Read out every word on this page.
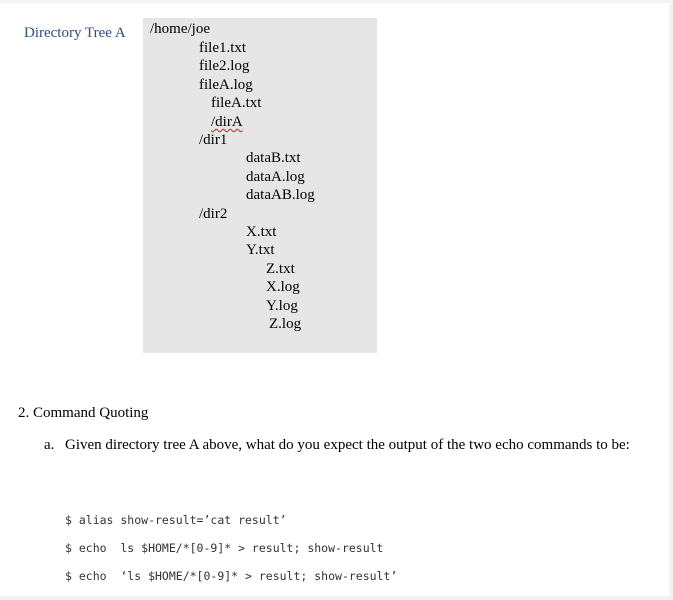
Directory Tree A /home/joe
file1.txt
file2.log
fileA.log
fileA.txt
/dirA
/dir1
dataB.txt
dataA.log
dataAB.log
/dir2
X.txt
Y.txt
Z.txt
X.log
Y.log
Z.log
2. Command Quoting
a. Given directory tree A above, what do you expect the output of the two echo commands to be:
$ alias show-result=’cat result’
$ echo  ls $HOME/*[0-9]* > result; show-result
$ echo  ‘ls $HOME/*[0-9]* > result; show-result’
